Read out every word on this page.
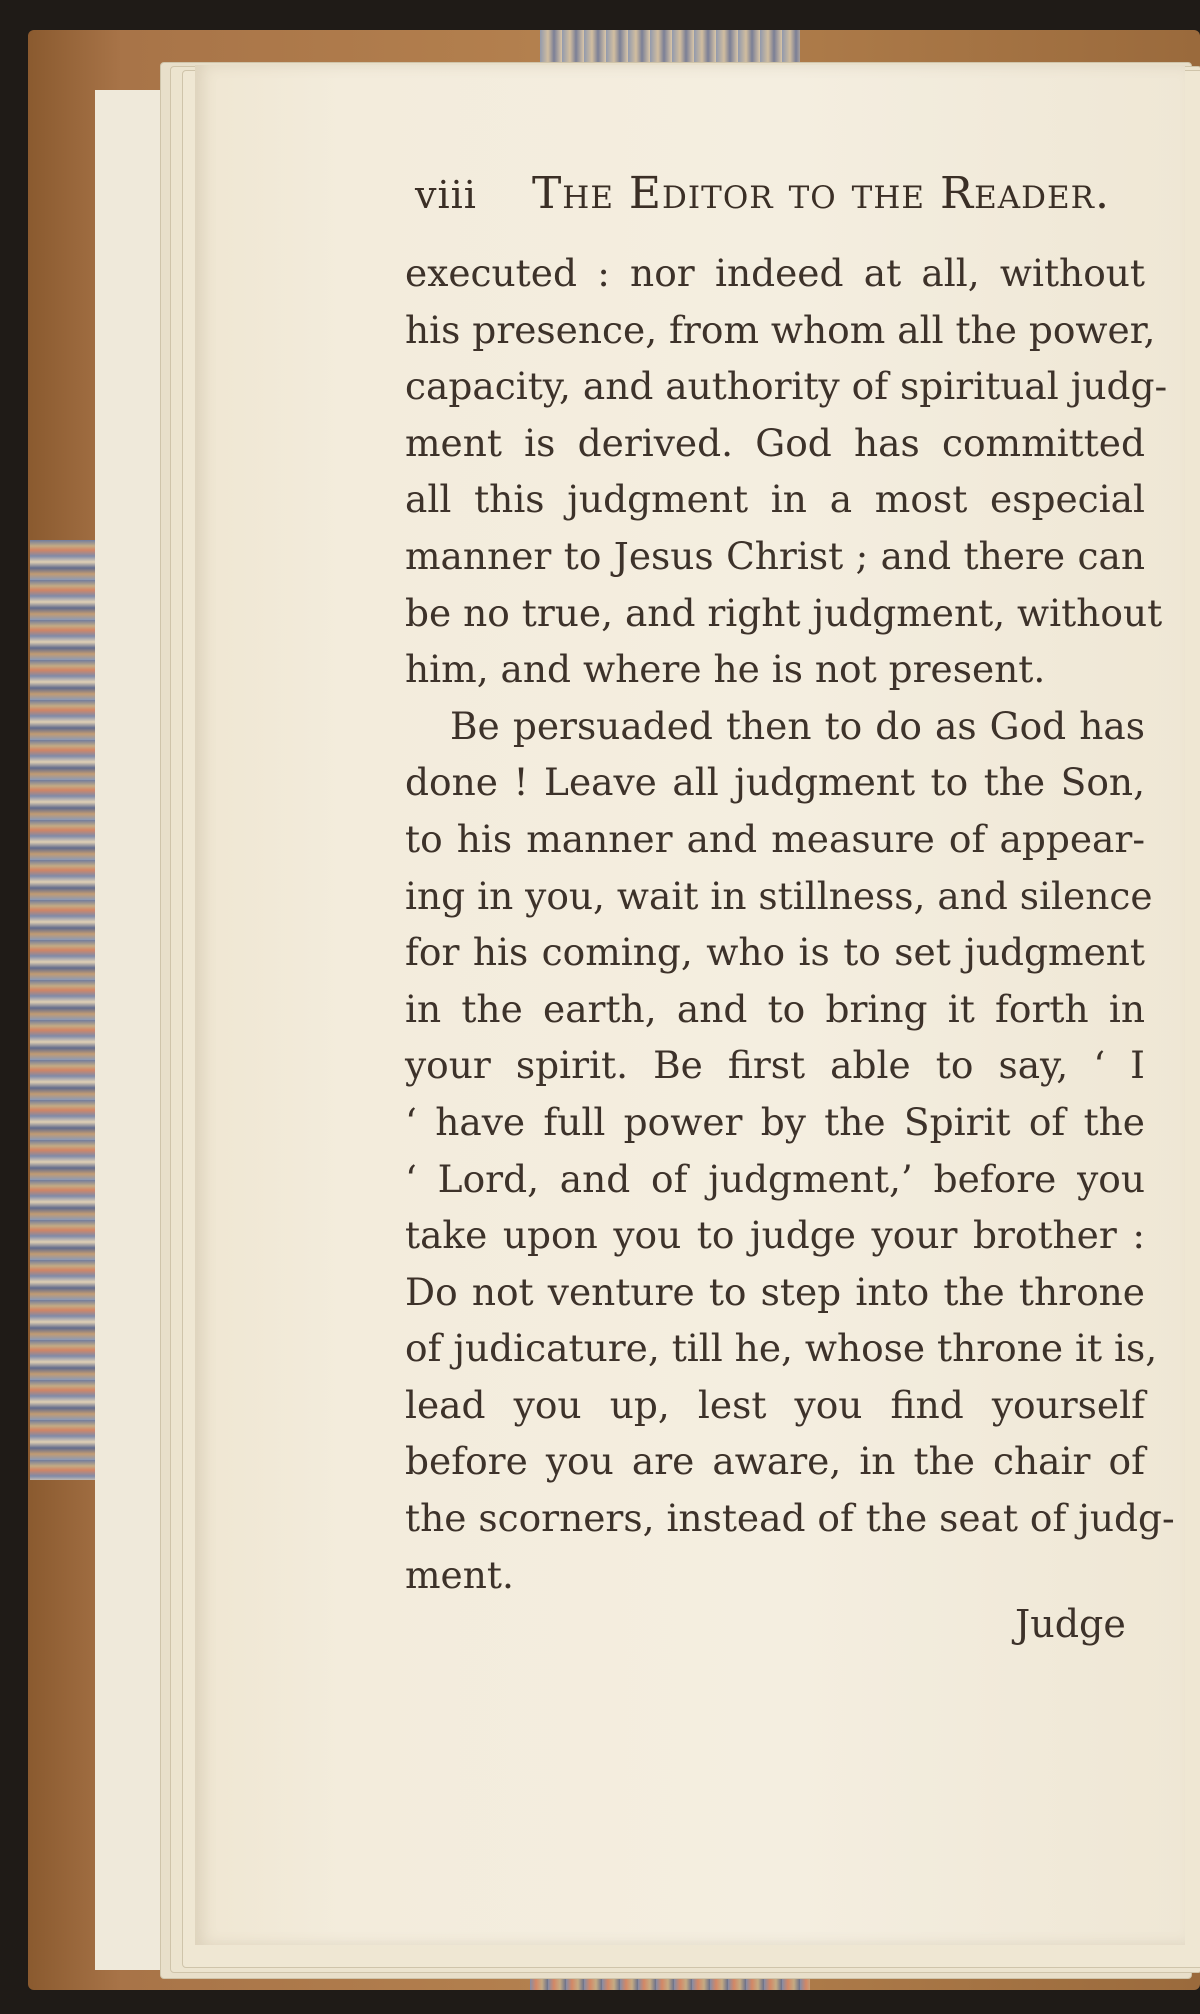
viii The Editor to the Reader.
executed : nor indeed at all, without
his presence, from whom all the power,
capacity, and authority of spiritual judg-
ment is derived. God has committed
all this judgment in a most especial
manner to Jesus Christ ; and there can
be no true, and right judgment, without
him, and where he is not present.
Be persuaded then to do as God has
done ! Leave all judgment to the Son,
to his manner and measure of appear-
ing in you, wait in stillness, and silence
for his coming, who is to set judgment
in the earth, and to bring it forth in
your spirit. Be first able to say, ‘ I
‘ have full power by the Spirit of the
‘ Lord, and of judgment,’ before you
take upon you to judge your brother :
Do not venture to step into the throne
of judicature, till he, whose throne it is,
lead you up, lest you find yourself
before you are aware, in the chair of
the scorners, instead of the seat of judg-
ment.
Judge
